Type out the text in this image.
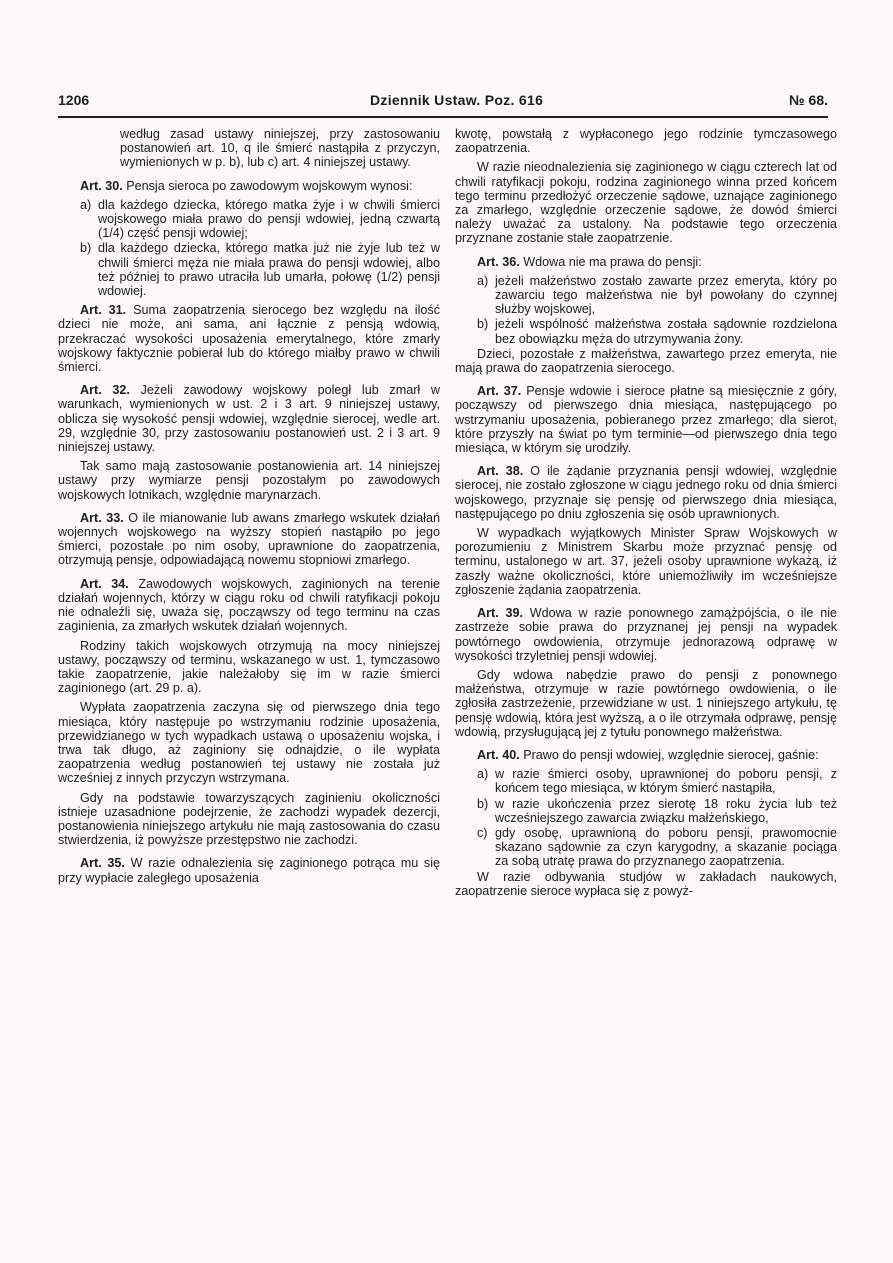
1206	Dziennik Ustaw. Poz. 616	№ 68.

według zasad ustawy niniejszej, przy zastosowaniu postanowień art. 10, q ile śmierć nastąpiła z przyczyn, wymienionych w p. b), lub c) art. 4 niniejszej ustawy.

Art. 30. Pensja sieroca po zawodowym wojskowym wynosi:

a) dla każdego dziecka, którego matka żyje i w chwili śmierci wojskowego miała prawo do pensji wdowiej, jedną czwartą (1/4) część pensji wdowiej;
b) dla każdego dziecka, którego matka już nie żyje lub też w chwili śmierci męża nie miała prawa do pensji wdowiej, albo też później to prawo utraciła lub umarła, połowę (1/2) pensji wdowiej.

Art. 31. Suma zaopatrzenia sierocego bez względu na ilość dzieci nie może, ani sama, ani łącznie z pensją wdowią, przekraczać wysokości uposażenia emerytalnego, które zmarły wojskowy faktycznie pobierał lub do którego miałby prawo w chwili śmierci.

Art. 32. Jeżeli zawodowy wojskowy poległ lub zmarł w warunkach, wymienionych w ust. 2 i 3 art. 9 niniejszej ustawy, oblicza się wysokość pensji wdowiej, względnie sierocej, wedle art. 29, względnie 30, przy zastosowaniu postanowień ust. 2 i 3 art. 9 niniejszej ustawy.

Tak samo mają zastosowanie postanowienia art. 14 niniejszej ustawy przy wymiarze pensji pozostałym po zawodowych wojskowych lotnikach, względnie marynarzach.

Art. 33. O ile mianowanie lub awans zmarłego wskutek działań wojennych wojskowego na wyższy stopień nastąpiło po jego śmierci, pozostałe po nim osoby, uprawnione do zaopatrzenia, otrzymują pensje, odpowiadającą nowemu stopniowi zmarłego.

Art. 34. Zawodowych wojskowych, zaginionych na terenie działań wojennych, którzy w ciągu roku od chwili ratyfikacji pokoju nie odnaleźli się, uważa się, począwszy od tego terminu na czas zaginienia, za zmarłych wskutek działań wojennych.

Rodziny takich wojskowych otrzymują na mocy niniejszej ustawy, począwszy od terminu, wskazanego w ust. 1, tymczasowo takie zaopatrzenie, jakie należałoby się im w razie śmierci zaginionego (art. 29 p. a).

Wypłata zaopatrzenia zaczyna się od pierwszego dnia tego miesiąca, który następuje po wstrzymaniu rodzinie uposażenia, przewidzianego w tych wypadkach ustawą o uposażeniu wojska, i trwa tak długo, aż zaginiony się odnajdzie, o ile wypłata zaopatrzenia według postanowień tej ustawy nie została już wcześniej z innych przyczyn wstrzymana.

Gdy na podstawie towarzyszących zaginieniu okoliczności istnieje uzasadnione podejrzenie, że zachodzi wypadek dezercji, postanowienia niniejszego artykułu nie mają zastosowania do czasu stwierdzenia, iż powyższe przestępstwo nie zachodzi.

Art. 35. W razie odnalezienia się zaginionego potrąca mu się przy wypłacie zaległego uposażenia

kwotę, powstałą z wypłaconego jego rodzinie tymczasowego zaopatrzenia.

W razie nieodnalezienia się zaginionego w ciągu czterech lat od chwili ratyfikacji pokoju, rodzina zaginionego winna przed końcem tego terminu przedłożyć orzeczenie sądowe, uznające zaginionego za zmarłego, względnie orzeczenie sądowe, że dowód śmierci należy uważać za ustalony. Na podstawie tego orzeczenia przyznane zostanie stałe zaopatrzenie.

Art. 36. Wdowa nie ma prawa do pensji:

a) jeżeli małżeństwo zostało zawarte przez emeryta, który po zawarciu tego małżeństwa nie był powołany do czynnej służby wojskowej,
b) jeżeli wspólność małżeństwa została sądownie rozdzielona bez obowiązku męża do utrzymywania żony.

Dzieci, pozostałe z małżeństwa, zawartego przez emeryta, nie mają prawa do zaopatrzenia sierocego.

Art. 37. Pensje wdowie i sieroce płatne są miesięcznie z góry, począwszy od pierwszego dnia miesiąca, następującego po wstrzymaniu uposażenia, pobieranego przez zmarłego; dla sierot, które przyszły na świat po tym terminie—od pierwszego dnia tego miesiąca, w którym się urodziły.

Art. 38. O ile żądanie przyznania pensji wdowiej, względnie sierocej, nie zostało zgłoszone w ciągu jednego roku od dnia śmierci wojskowego, przyznaje się pensję od pierwszego dnia miesiąca, następującego po dniu zgłoszenia się osób uprawnionych.

W wypadkach wyjątkowych Minister Spraw Wojskowych w porozumieniu z Ministrem Skarbu może przyznać pensję od terminu, ustalonego w art. 37, jeżeli osoby uprawnione wykażą, iż zaszły ważne okoliczności, które uniemożliwiły im wcześniejsze zgłoszenie żądania zaopatrzenia.

Art. 39. Wdowa w razie ponownego zamążpójścia, o ile nie zastrzeże sobie prawa do przyznanej jej pensji na wypadek powtórnego owdowienia, otrzymuje jednorazową odprawę w wysokości trzyletniej pensji wdowiej.

Gdy wdowa nabędzie prawo do pensji z ponownego małżeństwa, otrzymuje w razie powtórnego owdowienia, o ile zgłosiła zastrzeżenie, przewidziane w ust. 1 niniejszego artykułu, tę pensję wdowią, która jest wyższą, a o ile otrzymała odprawę, pensję wdowią, przysługującą jej z tytułu ponownego małżeństwa.

Art. 40. Prawo do pensji wdowiej, względnie sierocej, gaśnie:

a) w razie śmierci osoby, uprawnionej do poboru pensji, z końcem tego miesiąca, w którym śmierć nastąpiła,
b) w razie ukończenia przez sierotę 18 roku życia lub też wcześniejszego zawarcia związku małżeńskiego,
c) gdy osobę, uprawnioną do poboru pensji, prawomocnie skazano sądownie za czyn karygodny, a skazanie pociąga za sobą utratę prawa do przyznanego zaopatrzenia.

W razie odbywania studjów w zakładach naukowych, zaopatrzenie sieroce wypłaca się z powyż-
